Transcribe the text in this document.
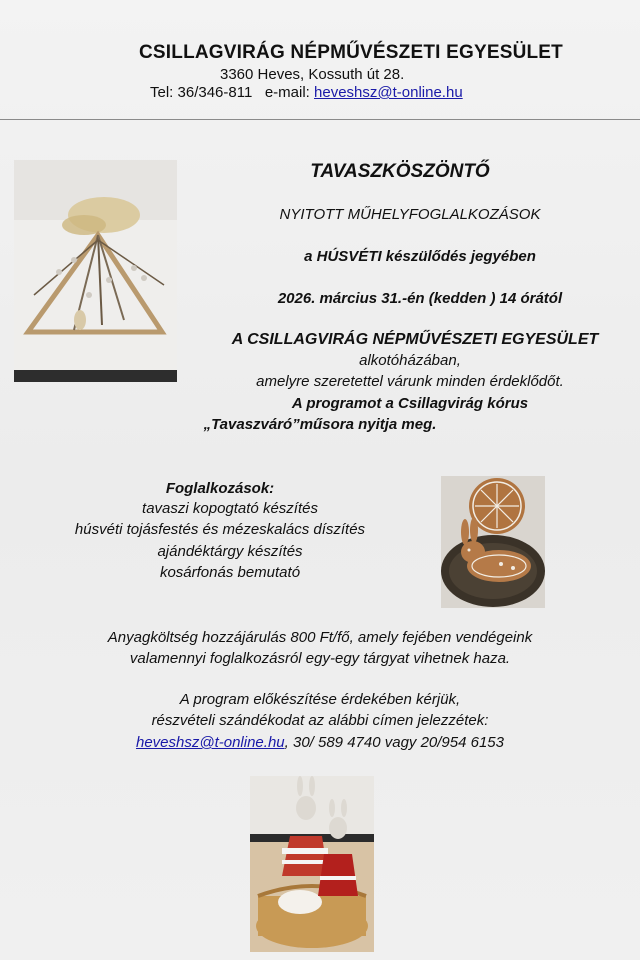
CSILLAGVIRÁG NÉPMŰVÉSZETI EGYESÜLET
3360 Heves, Kossuth út 28.
Tel: 36/346-811 e-mail: heveshsz@t-online.hu
TAVASZKÖSZÖNTŐ
NYITOTT MŰHELYFOGLALKOZÁSOK
a HÚSVÉTI készülődés jegyében
2026. március 31.-én (kedden ) 14 órától
A CSILLAGVIRÁG NÉPMŰVÉSZETI EGYESÜLET
alkotóházában,
amelyre szeretettel várunk minden érdeklődőt.
A programot a Csillagvirág kórus
„Tavaszváró”műsora nyitja meg.
Foglalkozások:
tavaszi kopogtató készítés
húsvéti tojásfestés és mézeskalács díszítés
ajándéktárgy készítés
kosárfonás bemutató
Anyagköltség hozzájárulás 800 Ft/fő, amely fejében vendégeink
valamennyi foglalkozásról egy-egy tárgyat vihetnek haza.
A program előkészítése érdekében kérjük,
részvételi szándékodat az alábbi címen jelezzétek:
heveshsz@t-online.hu, 30/ 589 4740 vagy 20/954 6153
